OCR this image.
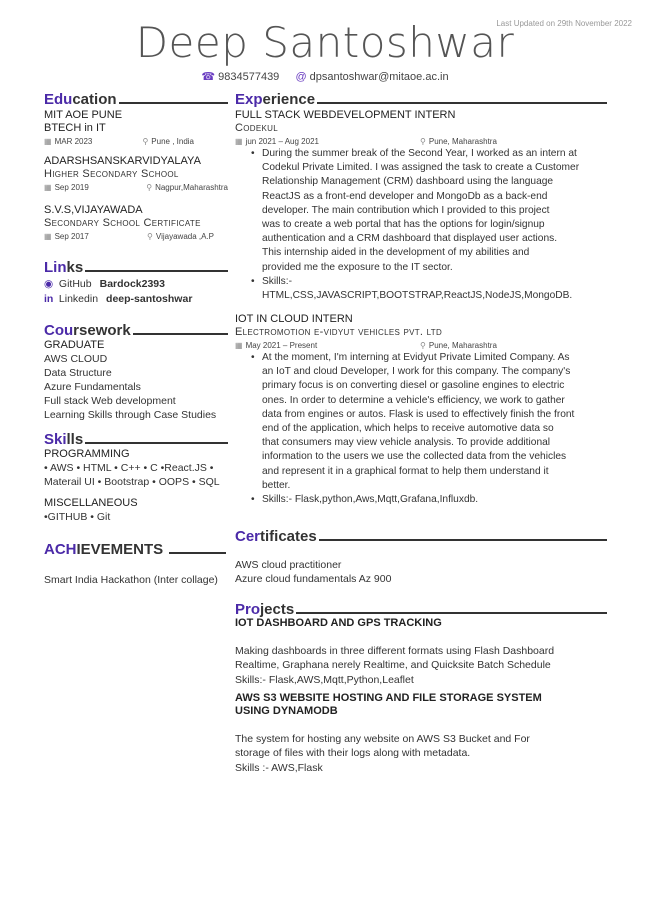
Last Updated on 29th November 2022
Deep Santoshwar
☎ 9834577439 @ dpsantoshwar@mitaoe.ac.in
Edu cation
MIT AOE PUNE
BTECH in IT
▦ MAR 2023	⚲ Pune , India
ADARSHSANSKARVIDYALAYA
Higher Secondary School
▦ Sep 2019	⚲ Nagpur,Maharashtra
S.V.S,VIJAYAWADA
Secondary School Certificate
▦ Sep 2017	⚲ Vijayawada ,A.P
Lin ks
◉ GitHub Bardock2393
in Linkedin deep-santoshwar
Cou rsework
GRADUATE
AWS CLOUD
Data Structure
Azure Fundamentals
Full stack Web development
Learning Skills through Case Studies
Ski lls
PROGRAMMING
• AWS • HTML • C++ • C •React.JS •
Materail UI • Bootstrap • OOPS • SQL
MISCELLANEOUS
•GITHUB • Git
ACH IEVEMENTS
Smart India Hackathon (Inter collage)
Exp erience
FULL STACK WEBDEVELOPMENT INTERN
Codekul
▦ jun 2021 – Aug 2021	⚲ Pune, Maharashtra
• During the summer break of the Second Year, I worked as an intern at
Codekul Private Limited. I was assigned the task to create a Customer
Relationship Management (CRM) dashboard using the language
ReactJS as a front-end developer and MongoDb as a back-end
developer. The main contribution which I provided to this project
was to create a web portal that has the options for login/signup
authentication and a CRM dashboard that displayed user actions.
This internship aided in the development of my abilities and
provided me the exposure to the IT sector.
• Skills:-
HTML,CSS,JAVASCRIPT,BOOTSTRAP,ReactJS,NodeJS,MongoDB.
IOT IN CLOUD INTERN
Electromotion e-vidyut vehicles pvt. ltd
▦ May 2021 – Present	⚲ Pune, Maharashtra
• At the moment, I'm interning at Evidyut Private Limited Company. As
an IoT and cloud Developer, I work for this company. The company's
primary focus is on converting diesel or gasoline engines to electric
ones. In order to determine a vehicle's efficiency, we work to gather
data from engines or autos. Flask is used to effectively finish the front
end of the application, which helps to receive automotive data so
that consumers may view vehicle analysis. To provide additional
information to the users we use the collected data from the vehicles
and represent it in a graphical format to help them understand it
better.
• Skills:- Flask,python,Aws,Mqtt,Grafana,Influxdb.
Cer tificates
AWS cloud practitioner
Azure cloud fundamentals Az 900
Pro jects
IOT DASHBOARD AND GPS TRACKING
Making dashboards in three different formats using Flash Dashboard
Realtime, Graphana nerely Realtime, and Quicksite Batch Schedule
Skills:- Flask,AWS,Mqtt,Python,Leaflet
AWS S3 WEBSITE HOSTING AND FILE STORAGE SYSTEM
USING DYNAMODB
The system for hosting any website on AWS S3 Bucket and For
storage of files with their logs along with metadata.
Skills :- AWS,Flask
